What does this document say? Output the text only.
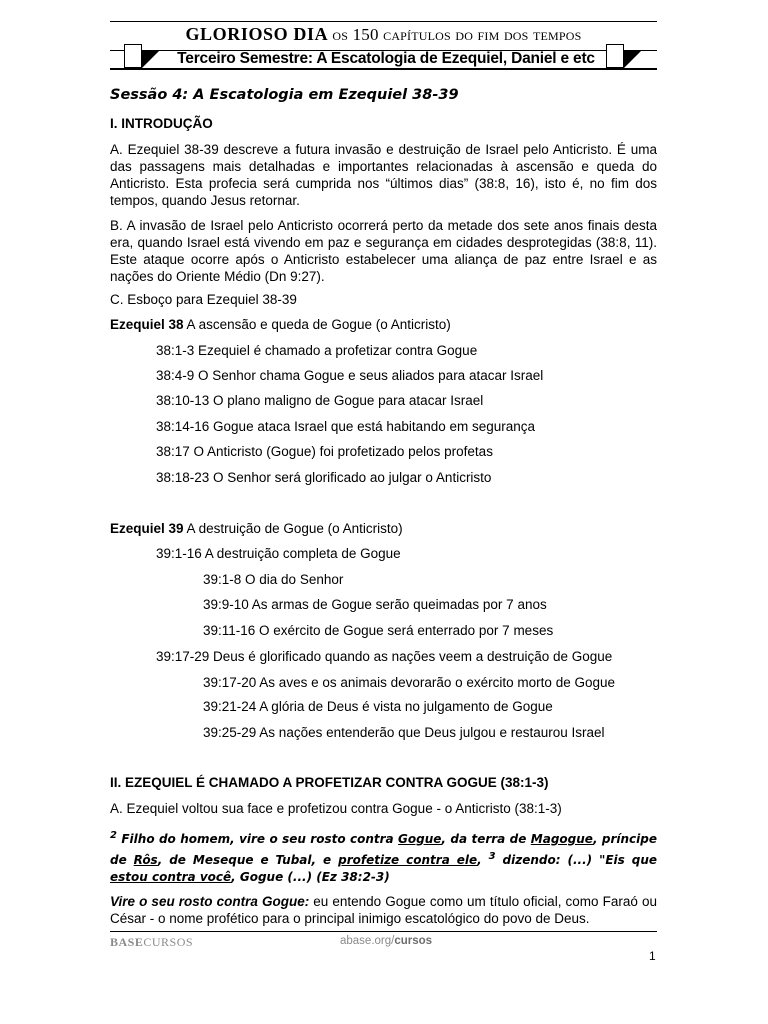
GLORIOSO DIA os 150 capítulos do fim dos tempos
Terceiro Semestre: A Escatologia de Ezequiel, Daniel e etc
Sessão 4: A Escatologia em Ezequiel 38-39
I. INTRODUÇÃO
A. Ezequiel 38-39 descreve a futura invasão e destruição de Israel pelo Anticristo. É uma das passagens mais detalhadas e importantes relacionadas à ascensão e queda do Anticristo. Esta profecia será cumprida nos “últimos dias” (38:8, 16), isto é, no fim dos tempos, quando Jesus retornar.
B. A invasão de Israel pelo Anticristo ocorrerá perto da metade dos sete anos finais desta era, quando Israel está vivendo em paz e segurança em cidades desprotegidas (38:8, 11). Este ataque ocorre após o Anticristo estabelecer uma aliança de paz entre Israel e as nações do Oriente Médio (Dn 9:27).
C. Esboço para Ezequiel 38-39
Ezequiel 38 A ascensão e queda de Gogue (o Anticristo)
38:1-3 Ezequiel é chamado a profetizar contra Gogue
38:4-9 O Senhor chama Gogue e seus aliados para atacar Israel
38:10-13 O plano maligno de Gogue para atacar Israel
38:14-16 Gogue ataca Israel que está habitando em segurança
38:17 O Anticristo (Gogue) foi profetizado pelos profetas
38:18-23 O Senhor será glorificado ao julgar o Anticristo
Ezequiel 39 A destruição de Gogue (o Anticristo)
39:1-16 A destruição completa de Gogue
39:1-8 O dia do Senhor
39:9-10 As armas de Gogue serão queimadas por 7 anos
39:11-16 O exército de Gogue será enterrado por 7 meses
39:17-29 Deus é glorificado quando as nações veem a destruição de Gogue
39:17-20 As aves e os animais devorarão o exército morto de Gogue
39:21-24 A glória de Deus é vista no julgamento de Gogue
39:25-29 As nações entenderão que Deus julgou e restaurou Israel
II. EZEQUIEL É CHAMADO A PROFETIZAR CONTRA GOGUE (38:1-3)
A. Ezequiel voltou sua face e profetizou contra Gogue - o Anticristo (38:1-3)
$^2$ Filho do homem, vire o seu rosto contra Gogue, da terra de Magogue, príncipe de Rôs, de Meseque e Tubal, e profetize contra ele, $^3$ dizendo: (...) "Eis que estou contra você, Gogue (...) (Ez 38:2-3)
Vire o seu rosto contra Gogue: eu entendo Gogue como um título oficial, como Faraó ou César - o nome profético para o principal inimigo escatológico do povo de Deus.
BASECURSOS	abase.org/cursos
1
